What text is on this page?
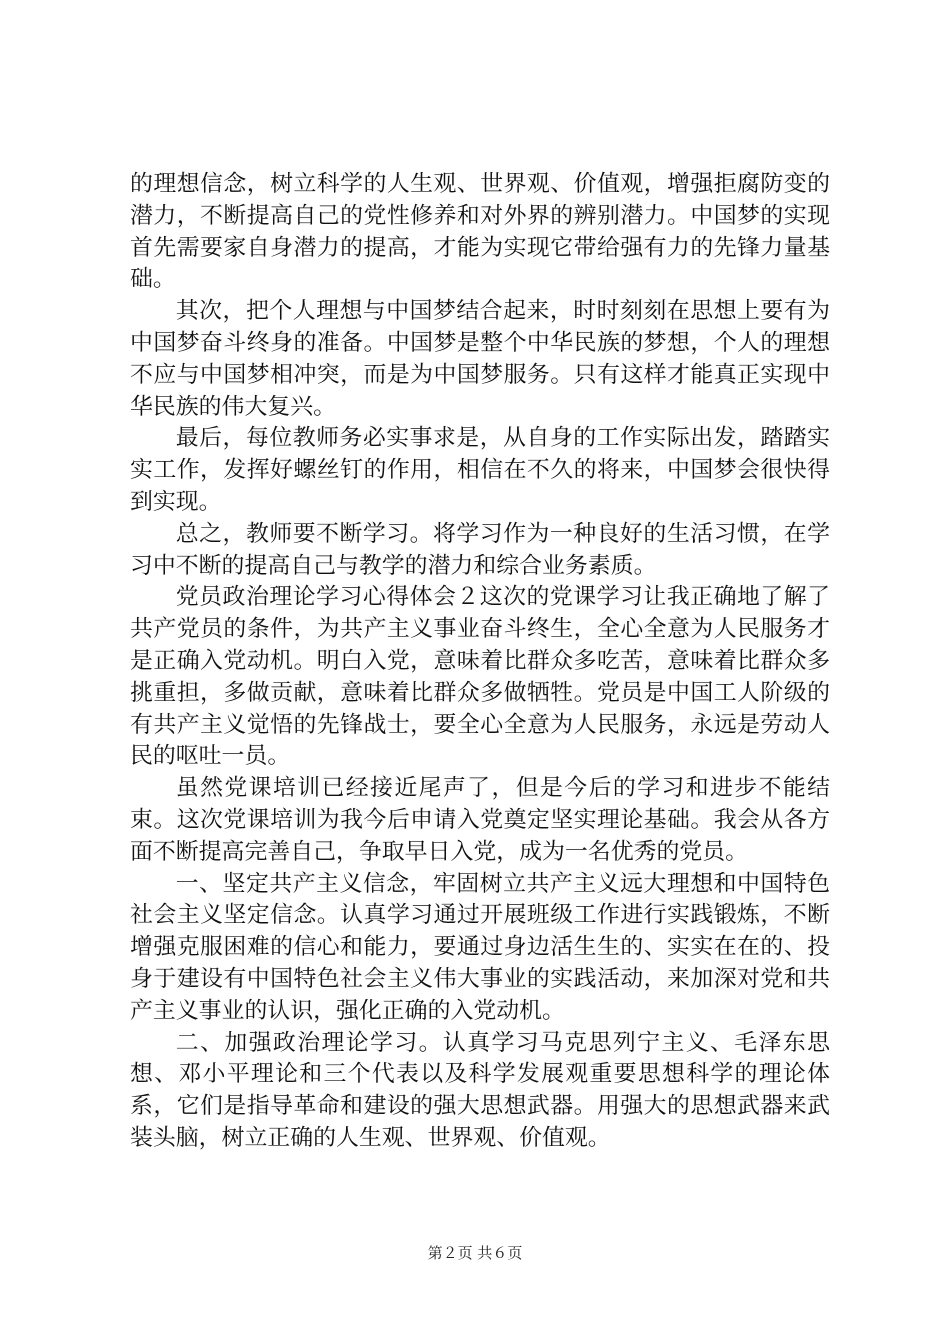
的理想信念，树立科学的人生观、世界观、价值观，增强拒腐防变的潜力，不断提高自己的党性修养和对外界的辨别潜力。中国梦的实现首先需要家自身潜力的提高，才能为实现它带给强有力的先锋力量基础。

其次，把个人理想与中国梦结合起来，时时刻刻在思想上要有为中国梦奋斗终身的准备。中国梦是整个中华民族的梦想，个人的理想不应与中国梦相冲突，而是为中国梦服务。只有这样才能真正实现中华民族的伟大复兴。

最后，每位教师务必实事求是，从自身的工作实际出发，踏踏实实工作，发挥好螺丝钉的作用，相信在不久的将来，中国梦会很快得到实现。

总之，教师要不断学习。将学习作为一种良好的生活习惯，在学习中不断的提高自己与教学的潜力和综合业务素质。

党员政治理论学习心得体会２这次的党课学习让我正确地了解了共产党员的条件，为共产主义事业奋斗终生，全心全意为人民服务才是正确入党动机。明白入党，意味着比群众多吃苦，意味着比群众多挑重担，多做贡献，意味着比群众多做牺牲。党员是中国工人阶级的有共产主义觉悟的先锋战士，要全心全意为人民服务，永远是劳动人民的呕吐一员。

虽然党课培训已经接近尾声了，但是今后的学习和进步不能结束。这次党课培训为我今后申请入党奠定坚实理论基础。我会从各方面不断提高完善自己，争取早日入党，成为一名优秀的党员。

一、坚定共产主义信念，牢固树立共产主义远大理想和中国特色社会主义坚定信念。认真学习通过开展班级工作进行实践锻炼，不断增强克服困难的信心和能力，要通过身边活生生的、实实在在的、投身于建设有中国特色社会主义伟大事业的实践活动，来加深对党和共产主义事业的认识，强化正确的入党动机。

二、加强政治理论学习。认真学习马克思列宁主义、毛泽东思想、邓小平理论和三个代表以及科学发展观重要思想科学的理论体系，它们是指导革命和建设的强大思想武器。用强大的思想武器来武装头脑，树立正确的人生观、世界观、价值观。

第２页 共６页
